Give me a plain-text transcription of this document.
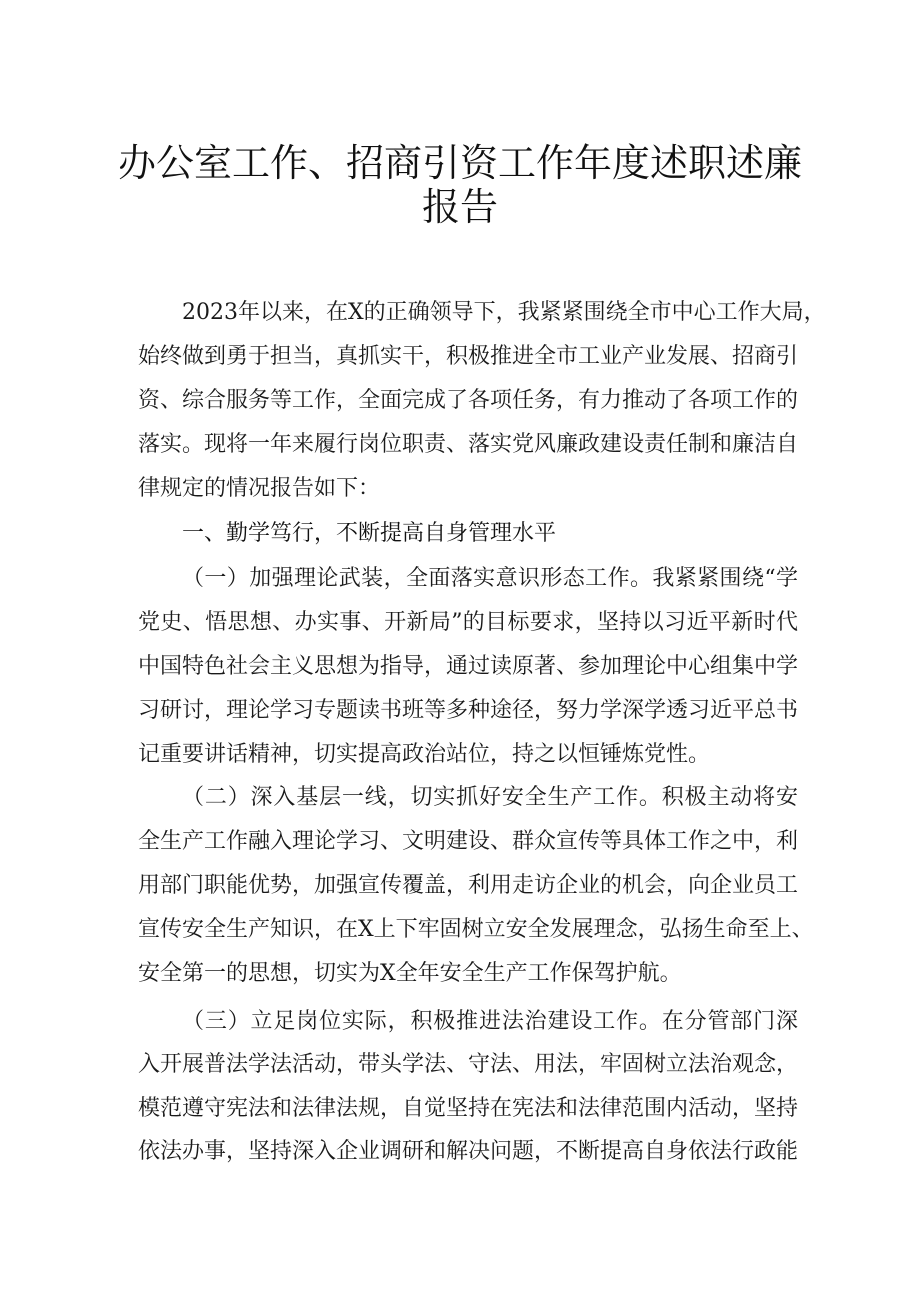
办公室工作、招商引资工作年度述职述廉
报告
2023年以来，在X的正确领导下，我紧紧围绕全市中心工作大局，
始终做到勇于担当，真抓实干，积极推进全市工业产业发展、招商引
资、综合服务等工作，全面完成了各项任务，有力推动了各项工作的
落实。现将一年来履行岗位职责、落实党风廉政建设责任制和廉洁自
律规定的情况报告如下：
一、勤学笃行，不断提高自身管理水平
（一）加强理论武装，全面落实意识形态工作。我紧紧围绕“学
党史、悟思想、办实事、开新局”的目标要求，坚持以习近平新时代
中国特色社会主义思想为指导，通过读原著、参加理论中心组集中学
习研讨，理论学习专题读书班等多种途径，努力学深学透习近平总书
记重要讲话精神，切实提高政治站位，持之以恒锤炼党性。
（二）深入基层一线，切实抓好安全生产工作。积极主动将安
全生产工作融入理论学习、文明建设、群众宣传等具体工作之中，利
用部门职能优势，加强宣传覆盖，利用走访企业的机会，向企业员工
宣传安全生产知识，在X上下牢固树立安全发展理念，弘扬生命至上、
安全第一的思想，切实为X全年安全生产工作保驾护航。
（三）立足岗位实际，积极推进法治建设工作。在分管部门深
入开展普法学法活动，带头学法、守法、用法，牢固树立法治观念，
模范遵守宪法和法律法规，自觉坚持在宪法和法律范围内活动，坚持
依法办事，坚持深入企业调研和解决问题，不断提高自身依法行政能
